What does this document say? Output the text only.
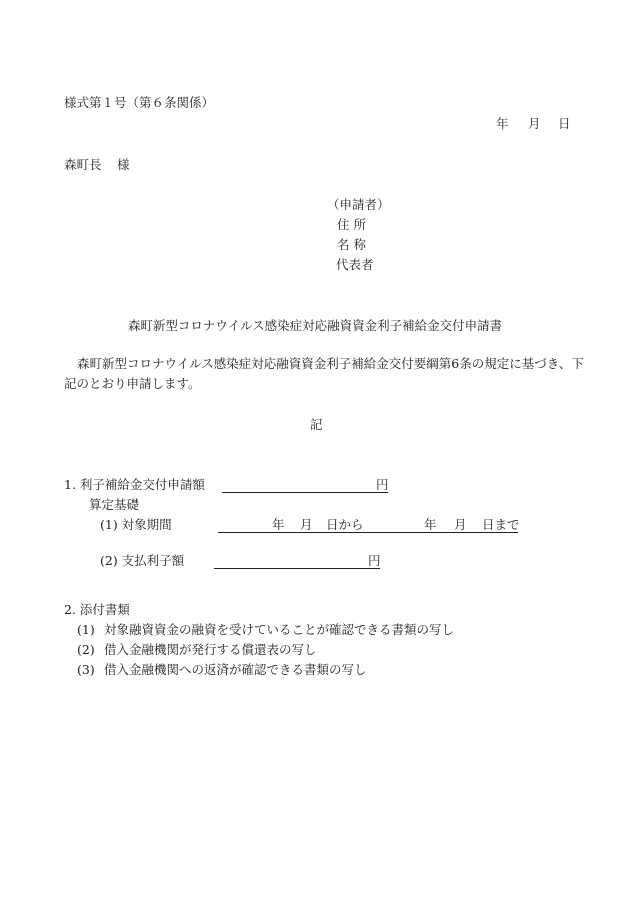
様式第１号（第６条関係）
年 月 日
森町長 様
（申請者）
住 所
名 称
代表者
森町新型コロナウイルス感染症対応融資資金利子補給金交付申請書
森町新型コロナウイルス感染症対応融資資金利子補給金交付要綱第6条の規定に基づき、下
記のとおり申請します。
記
1. 利子補給金交付申請額	円
算定基礎
(1) 対象期間	年 月 日から	年 月 日まで
(2) 支払利子額	円
2. 添付書類
(1) 対象融資資金の融資を受けていることが確認できる書類の写し
(2) 借入金融機関が発行する償還表の写し
(3) 借入金融機関への返済が確認できる書類の写し
